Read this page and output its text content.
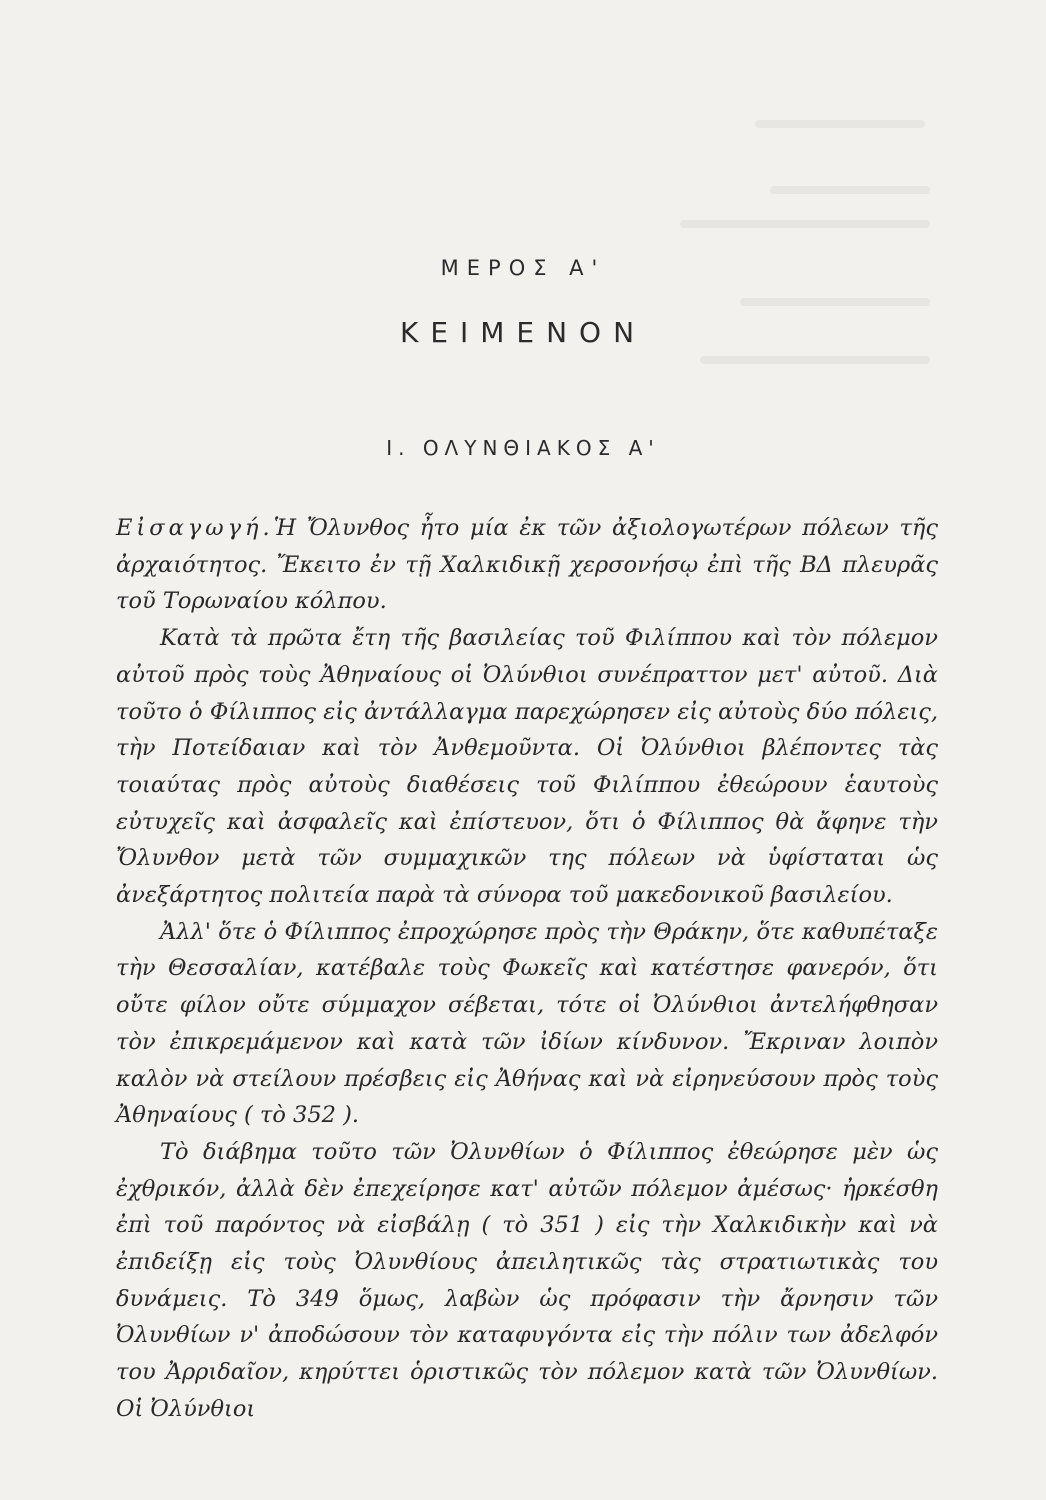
ΜΕΡΟΣ Α'
ΚΕΙΜΕΝΟΝ
I. ΟΛΥΝΘΙΑΚΟΣ Α'

Εἰσαγωγή.Ἡ Ὄλυνθος ἦτο μία ἐκ τῶν ἀξιολογωτέρων πόλεων τῆς ἀρχαιότητος. Ἔκειτο ἐν τῇ Χαλκιδικῇ χερσονήσῳ ἐπὶ τῆς ΒΔ πλευρᾶς τοῦ Τορωναίου κόλπου.

Κατὰ τὰ πρῶτα ἔτη τῆς βασιλείας τοῦ Φιλίππου καὶ τὸν πόλεμον αὐτοῦ πρὸς τοὺς Ἀθηναίους οἱ Ὀλύνθιοι συνέπραττον μετ' αὐτοῦ. Διὰ τοῦτο ὁ Φίλιππος εἰς ἀντάλλαγμα παρεχώρησεν εἰς αὐτοὺς δύο πόλεις, τὴν Ποτείδαιαν καὶ τὸν Ἀνθεμοῦντα. Οἱ Ὀλύνθιοι βλέποντες τὰς τοιαύτας πρὸς αὐτοὺς διαθέσεις τοῦ Φιλίππου ἐθεώρουν ἑαυτοὺς εὐτυχεῖς καὶ ἀσφαλεῖς καὶ ἐπίστευον, ὅτι ὁ Φίλιππος θὰ ἄφηνε τὴν Ὄλυνθον μετὰ τῶν συμμαχικῶν της πόλεων νὰ ὑφίσταται ὡς ἀνεξάρτητος πολιτεία παρὰ τὰ σύνορα τοῦ μακεδονικοῦ βασιλείου.

Ἀλλ' ὅτε ὁ Φίλιππος ἐπροχώρησε πρὸς τὴν Θράκην, ὅτε καθυπέταξε τὴν Θεσσαλίαν, κατέβαλε τοὺς Φωκεῖς καὶ κατέστησε φανερόν, ὅτι οὔτε φίλον οὔτε σύμμαχον σέβεται, τότε οἱ Ὀλύνθιοι ἀντελήφθησαν τὸν ἐπικρεμάμενον καὶ κατὰ τῶν ἰδίων κίνδυνον. Ἔκριναν λοιπὸν καλὸν νὰ στείλουν πρέσβεις εἰς Ἀθήνας καὶ νὰ εἰρηνεύσουν πρὸς τοὺς Ἀθηναίους ( τὸ 352 ).

Τὸ διάβημα τοῦτο τῶν Ὀλυνθίων ὁ Φίλιππος ἐθεώρησε μὲν ὡς ἐχθρικόν, ἀλλὰ δὲν ἐπεχείρησε κατ' αὐτῶν πόλεμον ἀμέσως· ἠρκέσθη ἐπὶ τοῦ παρόντος νὰ εἰσβάλῃ ( τὸ 351 ) εἰς τὴν Χαλκιδικὴν καὶ νὰ ἐπιδείξῃ εἰς τοὺς Ὀλυνθίους ἀπειλητικῶς τὰς στρατιωτικὰς του δυνάμεις. Τὸ 349 ὅμως, λαβὼν ὡς πρόφασιν τὴν ἄρνησιν τῶν Ὀλυνθίων ν' ἀποδώσουν τὸν καταφυγόντα εἰς τὴν πόλιν των ἀδελφόν του Ἀρριδαῖον, κηρύττει ὁριστικῶς τὸν πόλεμον κατὰ τῶν Ὀλυνθίων. Οἱ Ὀλύνθιοι
